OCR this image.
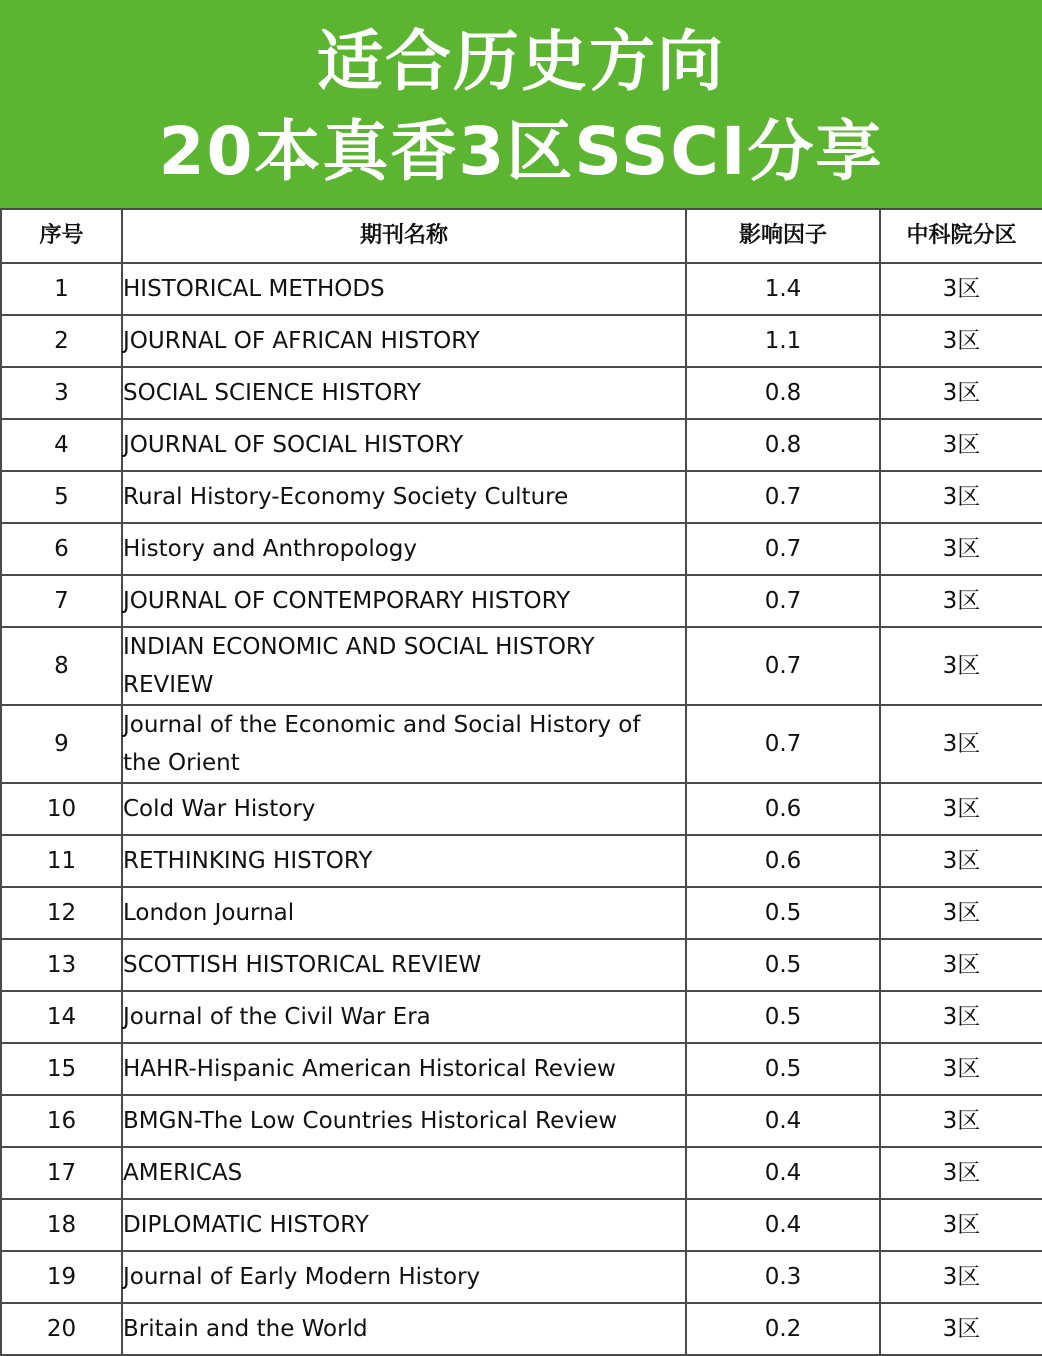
适合历史方向
20本真香3区SSCI分享
序号	期刊名称	影响因子	中科院分区
1	HISTORICAL METHODS	1.4	3区
2	JOURNAL OF AFRICAN HISTORY	1.1	3区
3	SOCIAL SCIENCE HISTORY	0.8	3区
4	JOURNAL OF SOCIAL HISTORY	0.8	3区
5	Rural History-Economy Society Culture	0.7	3区
6	History and Anthropology	0.7	3区
7	JOURNAL OF CONTEMPORARY HISTORY	0.7	3区
8	INDIAN ECONOMIC AND SOCIAL HISTORY REVIEW	0.7	3区
9	Journal of the Economic and Social History of the Orient	0.7	3区
10	Cold War History	0.6	3区
11	RETHINKING HISTORY	0.6	3区
12	London Journal	0.5	3区
13	SCOTTISH HISTORICAL REVIEW	0.5	3区
14	Journal of the Civil War Era	0.5	3区
15	HAHR-Hispanic American Historical Review	0.5	3区
16	BMGN-The Low Countries Historical Review	0.4	3区
17	AMERICAS	0.4	3区
18	DIPLOMATIC HISTORY	0.4	3区
19	Journal of Early Modern History	0.3	3区
20	Britain and the World	0.2	3区
